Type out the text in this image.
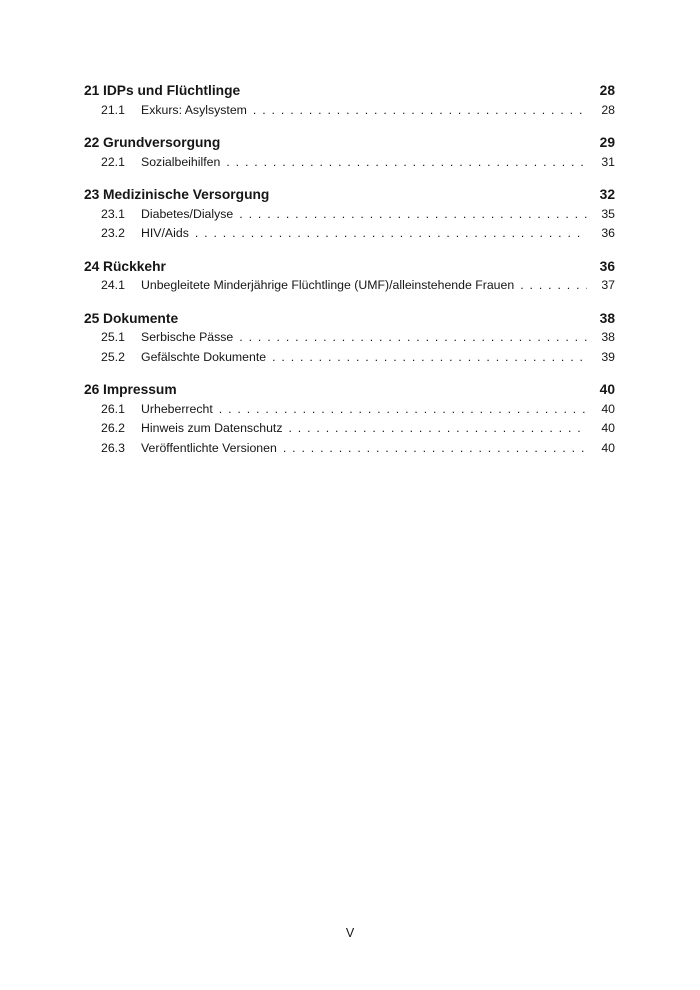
21 IDPs und Flüchtlinge	28
21.1	Exkurs: Asylsystem .....	28
22 Grundversorgung	29
22.1	Sozialbeihilfen .....	31
23 Medizinische Versorgung	32
23.1	Diabetes/Dialyse .....	35
23.2	HIV/Aids .....	36
24 Rückkehr	36
24.1	Unbegleitete Minderjährige Flüchtlinge (UMF)/alleinstehende Frauen .....	37
25 Dokumente	38
25.1	Serbische Pässe .....	38
25.2	Gefälschte Dokumente .....	39
26 Impressum	40
26.1	Urheberrecht .....	40
26.2	Hinweis zum Datenschutz .....	40
26.3	Veröffentlichte Versionen .....	40
V
